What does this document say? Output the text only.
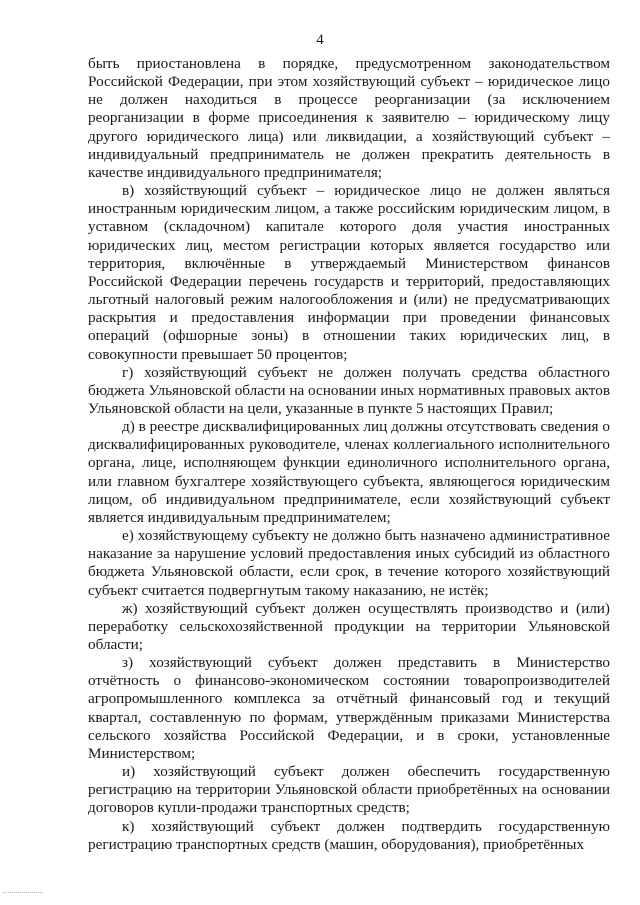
4

быть приостановлена в порядке, предусмотренном законодательством Российской Федерации, при этом хозяйствующий субъект – юридическое лицо не должен находиться в процессе реорганизации (за исключением реорганизации в форме присоединения к заявителю – юридическому лицу другого юридического лица) или ликвидации, а хозяйствующий субъект – индивидуальный предприниматель не должен прекратить деятельность в качестве индивидуального предпринимателя;

в) хозяйствующий субъект – юридическое лицо не должен являться иностранным юридическим лицом, а также российским юридическим лицом, в уставном (складочном) капитале которого доля участия иностранных юридических лиц, местом регистрации которых является государство или территория, включённые в утверждаемый Министерством финансов Российской Федерации перечень государств и территорий, предоставляющих льготный налоговый режим налогообложения и (или) не предусматривающих раскрытия и предоставления информации при проведении финансовых операций (офшорные зоны) в отношении таких юридических лиц, в совокупности превышает 50 процентов;

г) хозяйствующий субъект не должен получать средства областного бюджета Ульяновской области на основании иных нормативных правовых актов Ульяновской области на цели, указанные в пункте 5 настоящих Правил;

д) в реестре дисквалифицированных лиц должны отсутствовать сведения о дисквалифицированных руководителе, членах коллегиального исполнительного органа, лице, исполняющем функции единоличного исполнительного органа, или главном бухгалтере хозяйствующего субъекта, являющегося юридическим лицом, об индивидуальном предпринимателе, если хозяйствующий субъект является индивидуальным предпринимателем;

е) хозяйствующему субъекту не должно быть назначено административное наказание за нарушение условий предоставления иных субсидий из областного бюджета Ульяновской области, если срок, в течение которого хозяйствующий субъект считается подвергнутым такому наказанию, не истёк;

ж) хозяйствующий субъект должен осуществлять производство и (или) переработку сельскохозяйственной продукции на территории Ульяновской области;

з) хозяйствующий субъект должен представить в Министерство отчётность о финансово-экономическом состоянии товаропроизводителей агропромышленного комплекса за отчётный финансовый год и текущий квартал, составленную по формам, утверждённым приказами Министерства сельского хозяйства Российской Федерации, и в сроки, установленные Министерством;

и) хозяйствующий субъект должен обеспечить государственную регистрацию на территории Ульяновской области приобретённых на основании договоров купли-продажи транспортных средств;

к) хозяйствующий субъект должен подтвердить государственную регистрацию транспортных средств (машин, оборудования), приобретённых
